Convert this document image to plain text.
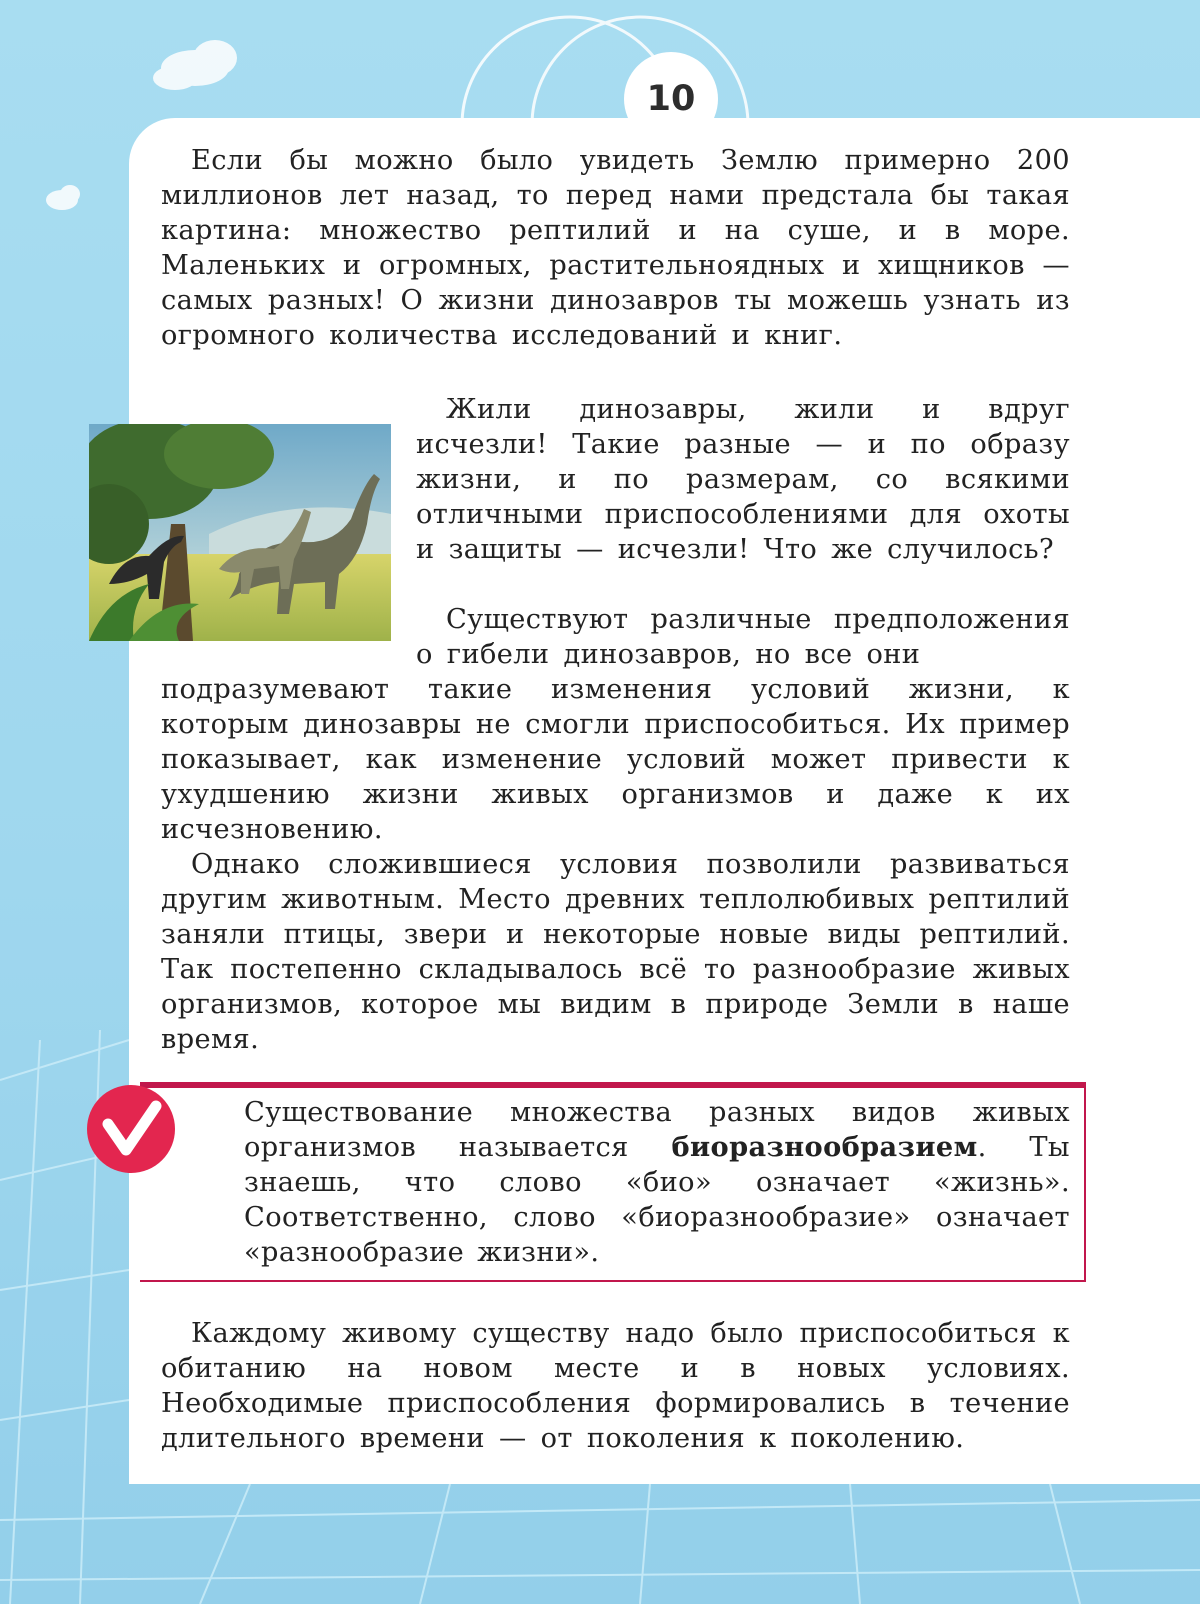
10

Если бы можно было увидеть Землю примерно 200 миллионов лет назад, то перед нами предстала бы такая картина: множество рептилий и на суше, и в море. Маленьких и огромных, растительноядных и хищников — самых разных! О жизни динозавров ты можешь узнать из огромного количества исследований и книг.

Жили динозавры, жили и вдруг исчезли! Такие разные — и по образу жизни, и по размерам, со всякими отличными приспособлениями для охоты и защиты — исчезли! Что же случилось?

Существуют различные предположения о гибели динозавров, но все они

подразумевают такие изменения условий жизни, к которым динозавры не смогли приспособиться. Их пример показывает, как изменение условий может привести к ухудшению жизни живых организмов и даже к их исчезновению.

Однако сложившиеся условия позволили развиваться другим животным. Место древних теплолюбивых рептилий заняли птицы, звери и некоторые новые виды рептилий. Так постепенно складывалось всё то разнообразие живых организмов, которое мы видим в природе Земли в наше время.

Существование множества разных видов живых организмов называется биоразнообразием. Ты знаешь, что слово «био» означает «жизнь». Соответственно, слово «биоразнообразие» означает «разнообразие жизни».

Каждому живому существу надо было приспособиться к обитанию на новом месте и в новых условиях. Необходимые приспособления формировались в течение длительного времени — от поколения к поколению.
